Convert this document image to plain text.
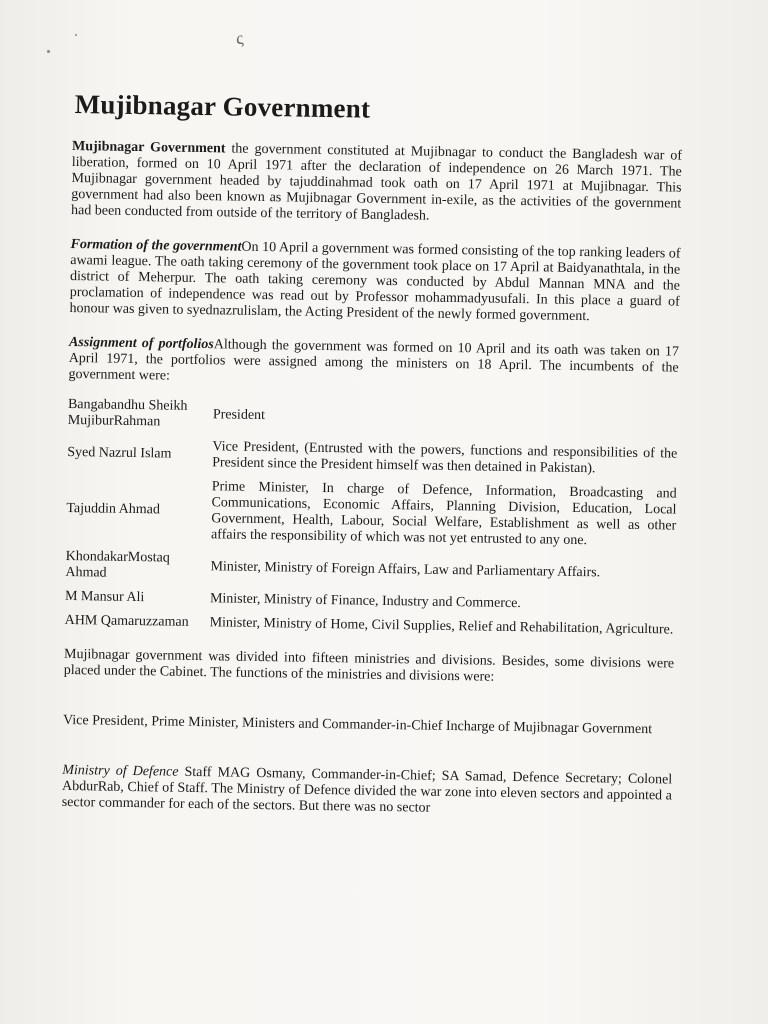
ς
Mujibnagar Government

Mujibnagar Government the government constituted at Mujibnagar to conduct the Bangladesh war of liberation, formed on 10 April 1971 after the declaration of independence on 26 March 1971. The Mujibnagar government headed by tajuddinahmad took oath on 17 April 1971 at Mujibnagar. This government had also been known as Mujibnagar Government in-exile, as the activities of the government had been conducted from outside of the territory of Bangladesh.

Formation of the governmentOn 10 April a government was formed consisting of the top ranking leaders of awami league. The oath taking ceremony of the government took place on 17 April at Baidyanathtala, in the district of Meherpur. The oath taking ceremony was conducted by Abdul Mannan MNA and the proclamation of independence was read out by Professor mohammadyusufali. In this place a guard of honour was given to syednazrulislam, the Acting President of the newly formed government.

Assignment of portfoliosAlthough the government was formed on 10 April and its oath was taken on 17 April 1971, the portfolios were assigned among the ministers on 18 April. The incumbents of the government were:

Bangabandhu Sheikh MujiburRahman	President
Syed Nazrul Islam	Vice President, (Entrusted with the powers, functions and responsibilities of the President since the President himself was then detained in Pakistan).
Tajuddin Ahmad	Prime Minister, In charge of Defence, Information, Broadcasting and Communications, Economic Affairs, Planning Division, Education, Local Government, Health, Labour, Social Welfare, Establishment as well as other affairs the responsibility of which was not yet entrusted to any one.
KhondakarMostaq Ahmad	Minister, Ministry of Foreign Affairs, Law and Parliamentary Affairs.
M Mansur Ali	Minister, Ministry of Finance, Industry and Commerce.
AHM Qamaruzzaman	Minister, Ministry of Home, Civil Supplies, Relief and Rehabilitation, Agriculture.

Mujibnagar government was divided into fifteen ministries and divisions. Besides, some divisions were placed under the Cabinet. The functions of the ministries and divisions were:

Vice President, Prime Minister, Ministers and Commander-in-Chief Incharge of Mujibnagar Government

Ministry of Defence Staff MAG Osmany, Commander-in-Chief; SA Samad, Defence Secretary; Colonel AbdurRab, Chief of Staff. The Ministry of Defence divided the war zone into eleven sectors and appointed a sector commander for each of the sectors. But there was no sector
